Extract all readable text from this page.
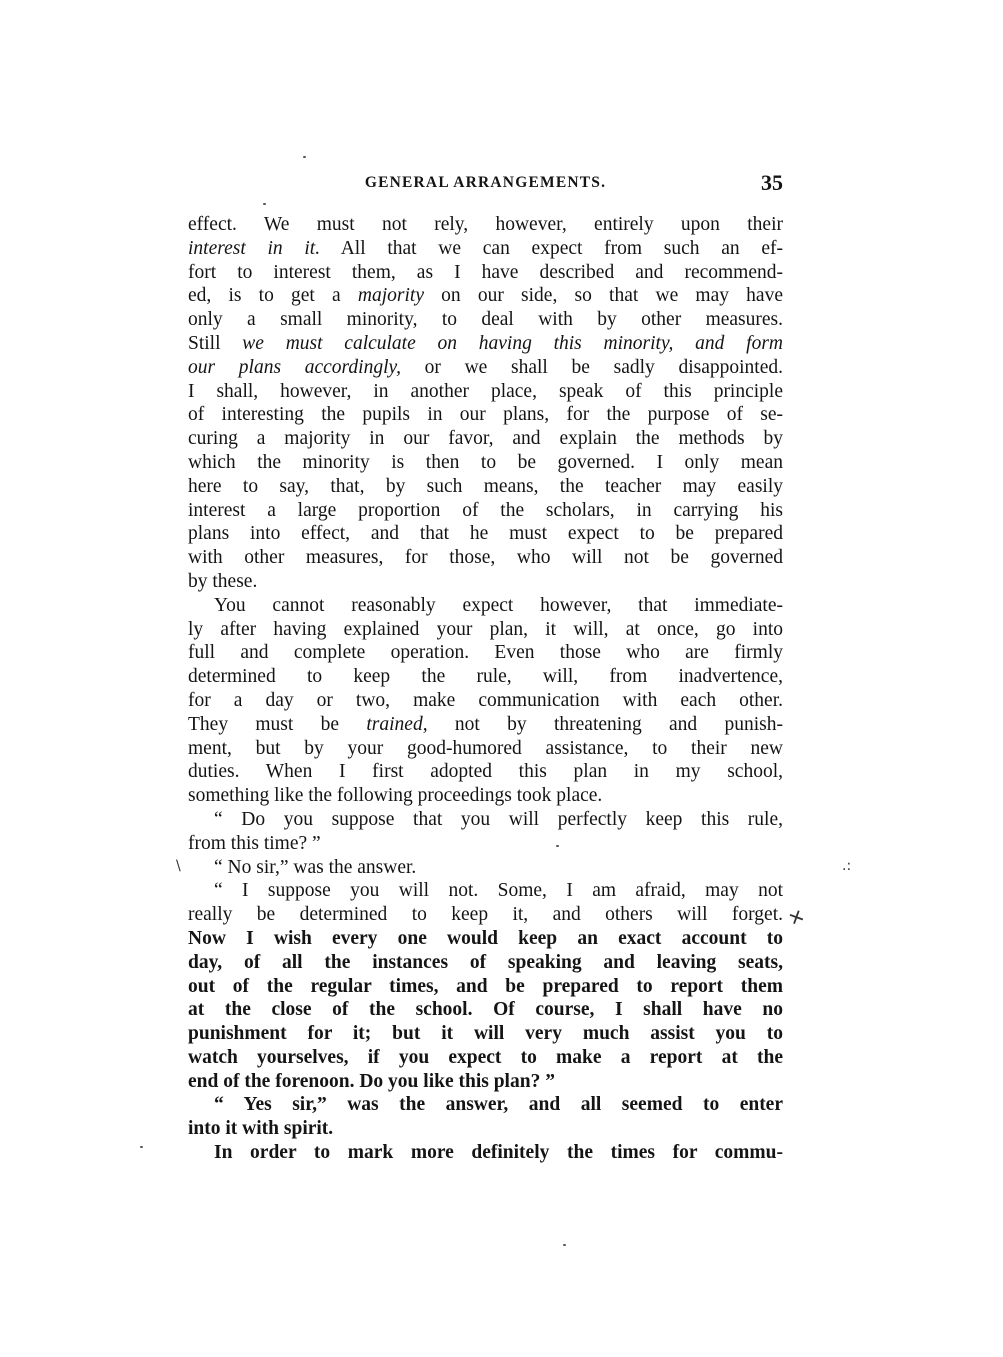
GENERAL ARRANGEMENTS.	35
effect. We must not rely, however, entirely upon their
interest in it. All that we can expect from such an ef-
fort to interest them, as I have described and recommend-
ed, is to get a majority on our side, so that we may have
only a small minority, to deal with by other measures.
Still we must calculate on having this minority, and form
our plans accordingly, or we shall be sadly disappointed.
I shall, however, in another place, speak of this principle
of interesting the pupils in our plans, for the purpose of se-
curing a majority in our favor, and explain the methods by
which the minority is then to be governed. I only mean
here to say, that, by such means, the teacher may easily
interest a large proportion of the scholars, in carrying his
plans into effect, and that he must expect to be prepared
with other measures, for those, who will not be governed
by these.
You cannot reasonably expect however, that immediate-
ly after having explained your plan, it will, at once, go into
full and complete operation. Even those who are firmly
determined to keep the rule, will, from inadvertence,
for a day or two, make communication with each other.
They must be trained, not by threatening and punish-
ment, but by your good-humored assistance, to their new
duties. When I first adopted this plan in my school,
something like the following proceedings took place.
“ Do you suppose that you will perfectly keep this rule,
from this time? ”
“ No sir,” was the answer.
“ I suppose you will not. Some, I am afraid, may not
really be determined to keep it, and others will forget.
Now I wish every one would keep an exact account to
day, of all the instances of speaking and leaving seats,
out of the regular times, and be prepared to report them
at the close of the school. Of course, I shall have no
punishment for it; but it will very much assist you to
watch yourselves, if you expect to make a report at the
end of the forenoon. Do you like this plan? ”
“ Yes sir,” was the answer, and all seemed to enter
into it with spirit.
In order to mark more definitely the times for commu-
\
+
.:
